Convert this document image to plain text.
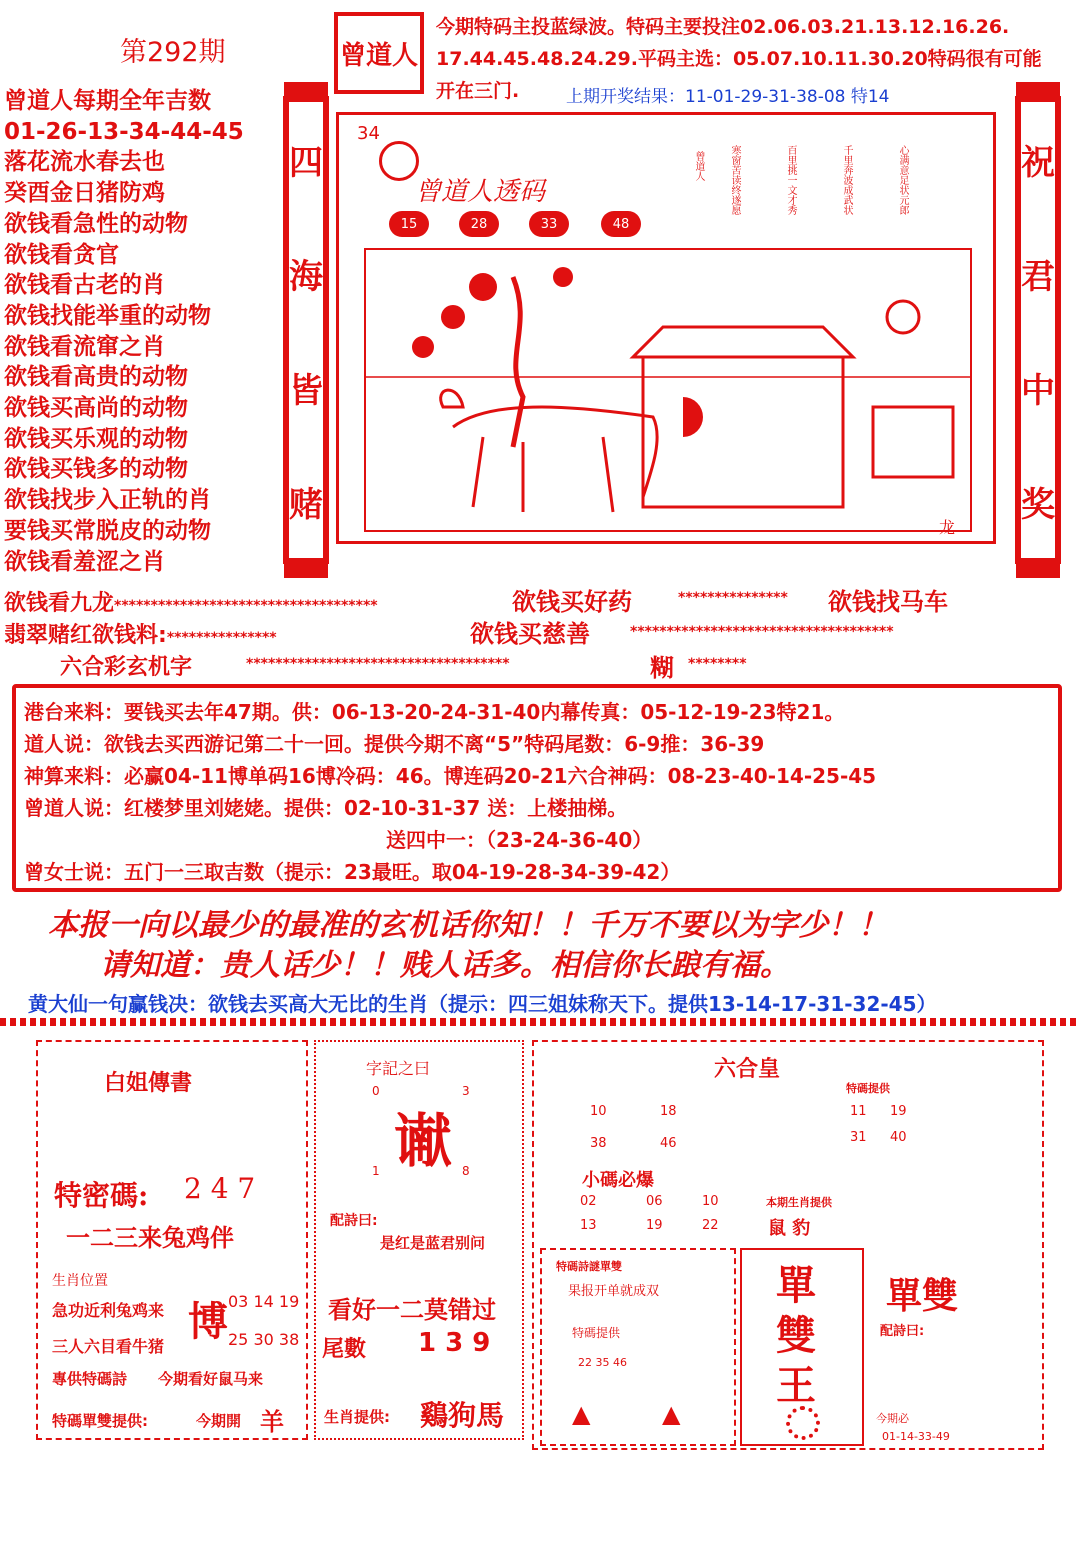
第292期	曾道人
今期特码主投蓝绿波。特码主要投注02.06.03.21.13.12.16.26.
17.44.45.48.24.29.平码主选：05.07.10.11.30.20特码很有可能
开在三门.	上期开奖结果：11-01-29-31-38-08 特14
曾道人每期全年吉数
01-26-13-34-44-45
落花流水春去也
癸酉金日猪防鸡
欲钱看急性的动物
欲钱看贪官
欲钱看古老的肖
欲钱找能举重的动物
欲钱看流窜之肖
欲钱看高贵的动物
欲钱买高尚的动物
欲钱买乐观的动物
欲钱买钱多的动物
欲钱找步入正轨的肖
要钱买常脱皮的动物
欲钱看羞涩之肖
四
海
皆
赌
祝
君
中
奖
34
曾道人透码
15	28	33	48
曾道人	寒窗苦读终遂愿	百里挑一文才秀	千里奔波成武状	心满意足状元郎
龙
欲钱看九龙************************************	欲钱买好药	*************** 欲钱找马车
翡翠赌红欲钱料:***************	欲钱买慈善	************************************
六合彩玄机字	************************************	糊 ********
港台来料：要钱买去年47期。供：06-13-20-24-31-40内幕传真：05-12-19-23特21。
道人说：欲钱去买西游记第二十一回。提供今期不离“5”特码尾数：6-9推：36-39
神算来料：必赢04-11博单码16博冷码：46。博连码20-21六合神码：08-23-40-14-25-45
曾道人说：红楼梦里刘姥姥。提供：02-10-31-37 送：上楼抽梯。
送四中一：（23-24-36-40）
曾女士说：五门一三取吉数（提示：23最旺。取04-19-28-34-39-42）
本报一向以最少的最准的玄机话你知！！千万不要以为字少！！
请知道：贵人话少！！贱人话多。相信你长踉有福。
黄大仙一句赢钱决：欲钱去买高大无比的生肖（提示：四三姐妹称天下。提供13-14-17-31-32-45）
白姐傳書
特密碼: 2 4 7
一二三来兔鸡伴
生肖位置
急功近利兔鸡来
三人六目看牛猪
博 03 14 19
25 30 38
專供特碼詩 今期看好鼠马来
特碼單雙提供:	今期開 羊
字記之曰
0	3
谳
1	8
配詩曰:
是红是蓝君别问
看好一二莫错过
尾數 1 3 9
生肖提供: 鷄狗馬
六合皇
特碼提供
10	18
38	46
11 19
31 40
小碼必爆
02	06	10
13	19	22
本期生肖提供
鼠 豹
特碼詩謎單雙
果报开单就成双
特碼提供
22 35 46
▲	▲
單
雙
王
單雙
配詩曰:
今期必
01-14-33-49
